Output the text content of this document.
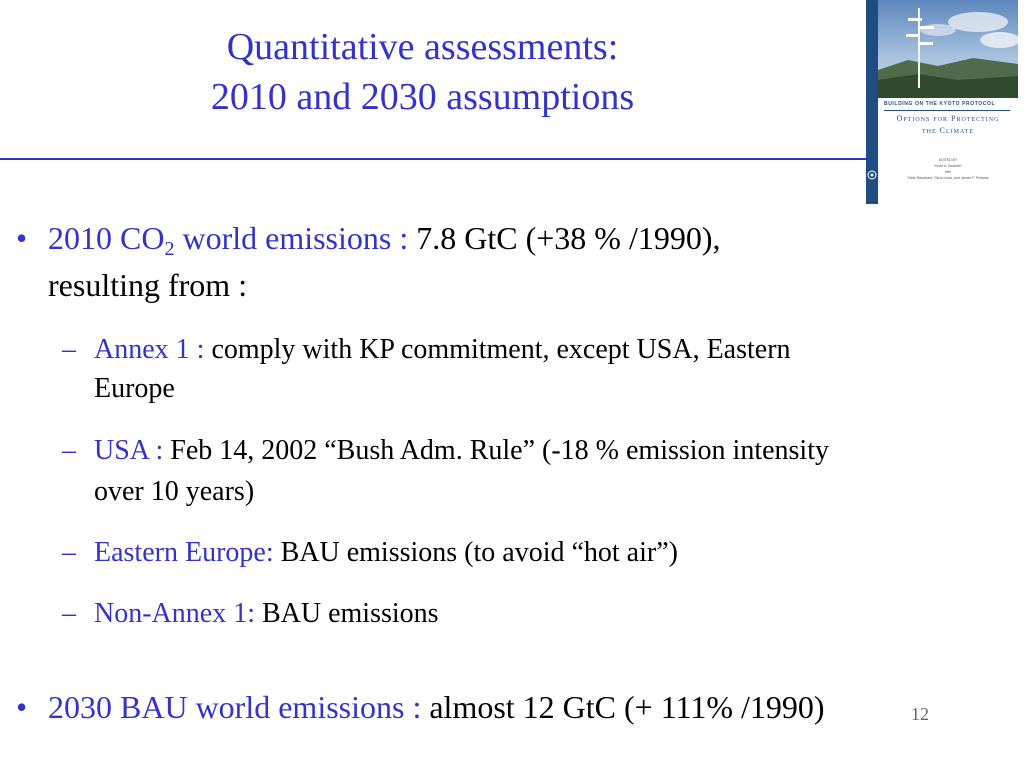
Quantitative assessments:
2010 and 2030 assumptions	BUILDING ON THE KYOTO PROTOCOL
Options for Protecting
the Climate
EDITED BY
Kevin A. Baumert
with
Odile Blanchard, Silvia Llosa, and James F. Perkaus
• 2010 $CO_2$ world emissions : 7.8 GtC (+38 % /1990),
resulting from :
– Annex 1 : comply with KP commitment, except USA, Eastern
Europe
– USA : Feb 14, 2002 “Bush Adm. Rule” (-18 % emission intensity
over 10 years)
– Eastern Europe: BAU emissions (to avoid “hot air”)
– Non-Annex 1: BAU emissions
• 2030 BAU world emissions : almost 12 GtC (+ 111% /1990)	12
